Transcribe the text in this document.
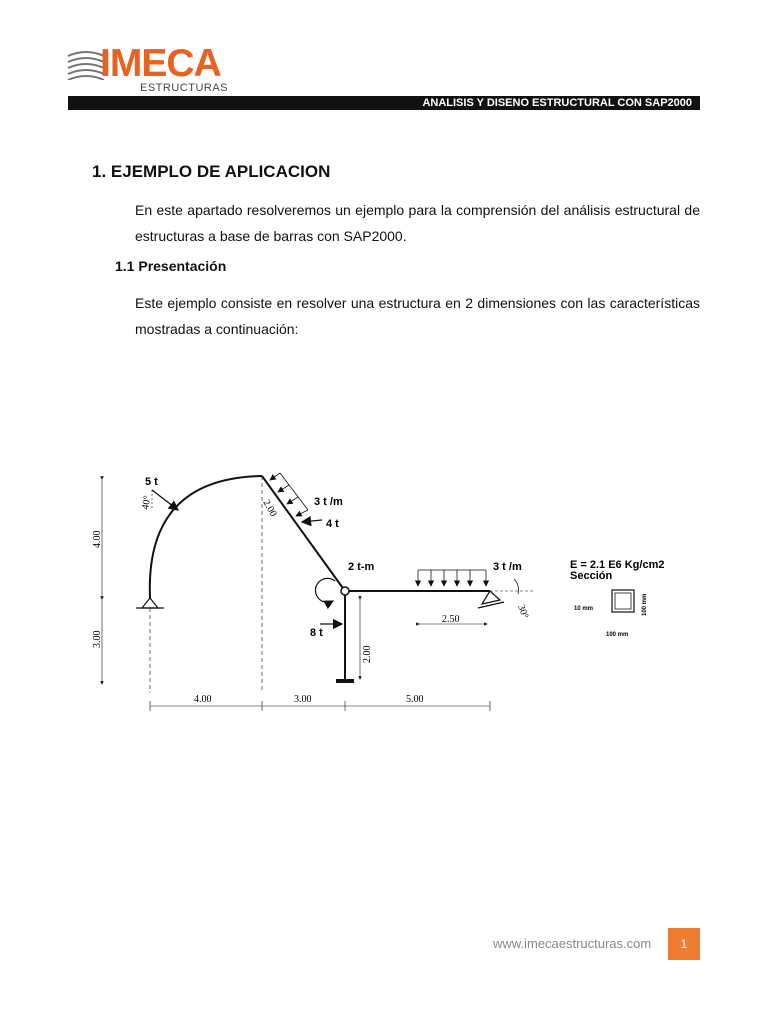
IMECA
ESTRUCTURAS
ANALISIS Y DISENO ESTRUCTURAL CON SAP2000
1. EJEMPLO DE APLICACION
En este apartado resolveremos un ejemplo para la comprensión del análisis estructural de estructuras a base de barras con SAP2000.
1.1 Presentación
Este ejemplo consiste en resolver una estructura en 2 dimensiones con las características mostradas a continuación:
30°
5 t
40°	3 t /m
4 t
2.00
2 t-m
8 t
3 t /m
2.50
2.00
4.00
3.00
4.00	3.00	5.00
E = 2.1 E6 Kg/cm2
Sección
10 mm	100 mm
100 mm
www.imecaestructuras.com	1
